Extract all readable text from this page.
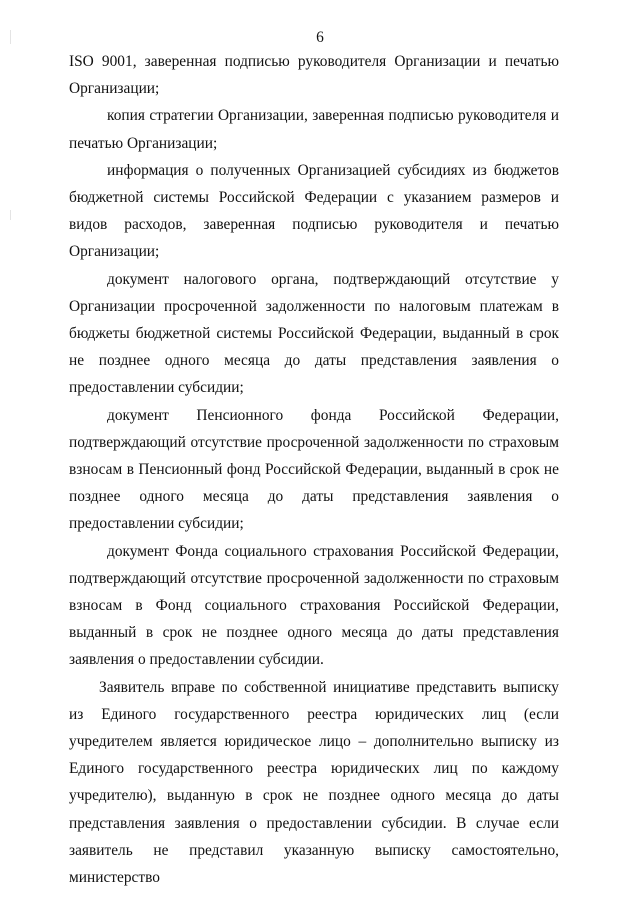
6

ISO 9001, заверенная подписью руководителя Организации и печатью Организации;

копия стратегии Организации, заверенная подписью руководителя и печатью Организации;

информация о полученных Организацией субсидиях из бюджетов бюджетной системы Российской Федерации с указанием размеров и видов расходов, заверенная подписью руководителя и печатью Организации;

документ налогового органа, подтверждающий отсутствие у Организации просроченной задолженности по налоговым платежам в бюджеты бюджетной системы Российской Федерации, выданный в срок не позднее одного месяца до даты представления заявления о предоставлении субсидии;

документ Пенсионного фонда Российской Федерации, подтверждающий отсутствие просроченной задолженности по страховым взносам в Пенсионный фонд Российской Федерации, выданный в срок не позднее одного месяца до даты представления заявления о предоставлении субсидии;

документ Фонда социального страхования Российской Федерации, подтверждающий отсутствие просроченной задолженности по страховым взносам в Фонд социального страхования Российской Федерации, выданный в срок не позднее одного месяца до даты представления заявления о предоставлении субсидии.

Заявитель вправе по собственной инициативе представить выписку из Единого государственного реестра юридических лиц (если учредителем является юридическое лицо – дополнительно выписку из Единого государственного реестра юридических лиц по каждому учредителю), выданную в срок не позднее одного месяца до даты представления заявления о предоставлении субсидии. В случае если заявитель не представил указанную выписку самостоятельно, министерство
